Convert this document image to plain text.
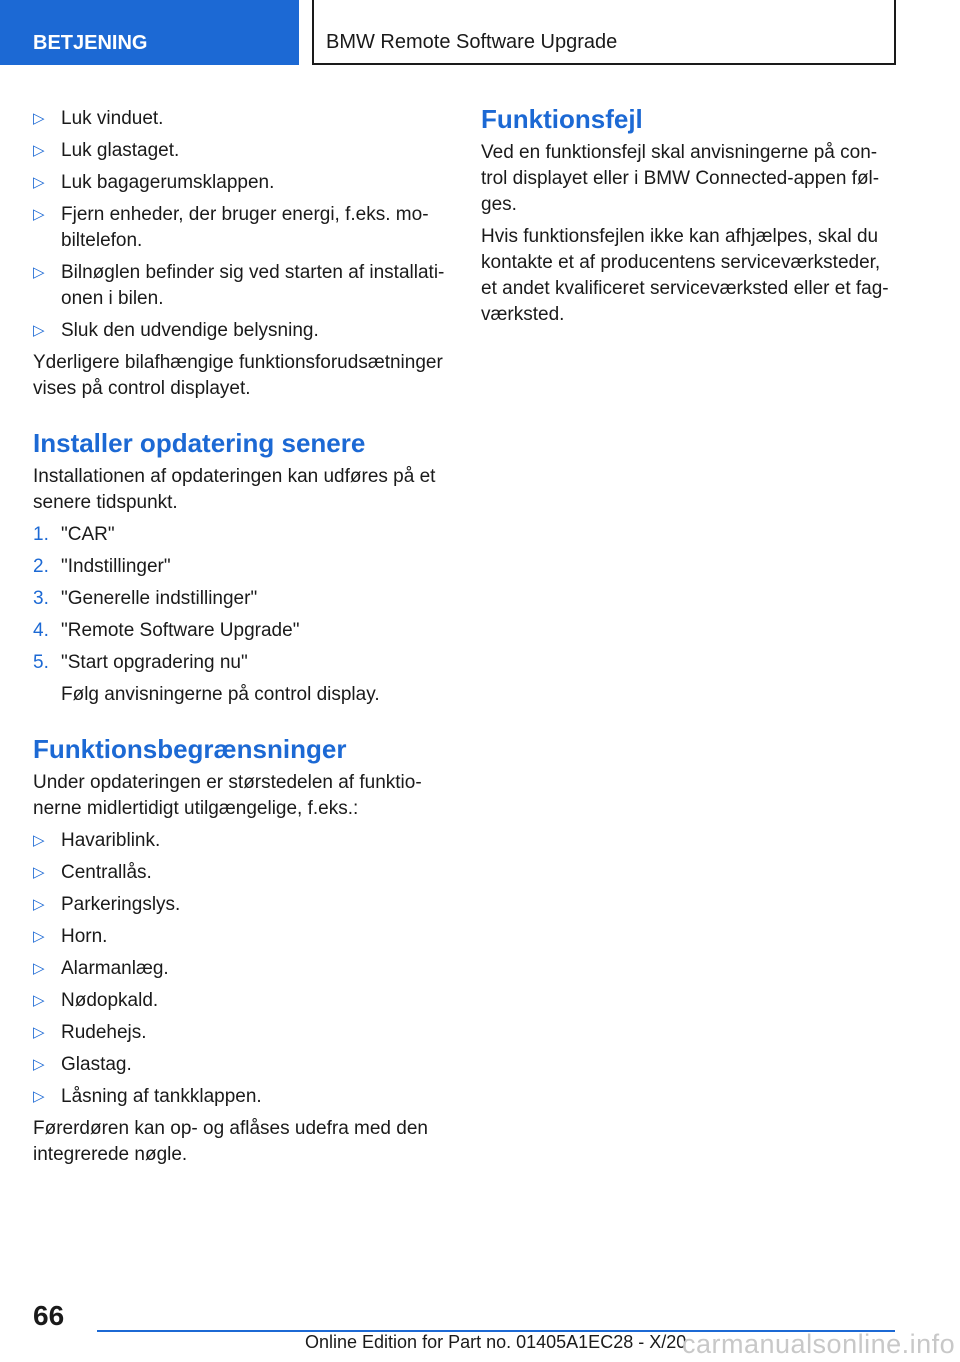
BETJENING	BMW Remote Software Upgrade
▷ Luk vinduet.
▷ Luk glastaget.
▷ Luk bagagerumsklappen.
▷ Fjern enheder, der bruger energi, f.eks. mo‐biltelefon.
▷ Bilnøglen befinder sig ved starten af installati‐onen i bilen.
▷ Sluk den udvendige belysning.

Yderligere bilafhængige funktionsforudsætninger vises på control displayet.

Installer opdatering senere

Installationen af opdateringen kan udføres på et senere tidspunkt.

1. "CAR"
2. "Indstillinger"
3. "Generelle indstillinger"
4. "Remote Software Upgrade"
5. "Start opgradering nu"

Følg anvisningerne på control display.

Funktionsbegrænsninger

Under opdateringen er størstedelen af funktio‐nerne midlertidigt utilgængelige, f.eks.:

▷ Havariblink.
▷ Centrallås.
▷ Parkeringslys.
▷ Horn.
▷ Alarmanlæg.
▷ Nødopkald.
▷ Rudehejs.
▷ Glastag.
▷ Låsning af tankklappen.

Førerdøren kan op- og aflåses udefra med den integrerede nøgle.

Funktionsfejl

Ved en funktionsfejl skal anvisningerne på con‐trol displayet eller i BMW Connected-appen føl‐ges.

Hvis funktionsfejlen ikke kan afhjælpes, skal du kontakte et af producentens serviceværksteder, et andet kvalificeret serviceværksted eller et fag‐værksted.

66
Online Edition for Part no. 01405A1EC28 - X/20
carmanualsonline.info
